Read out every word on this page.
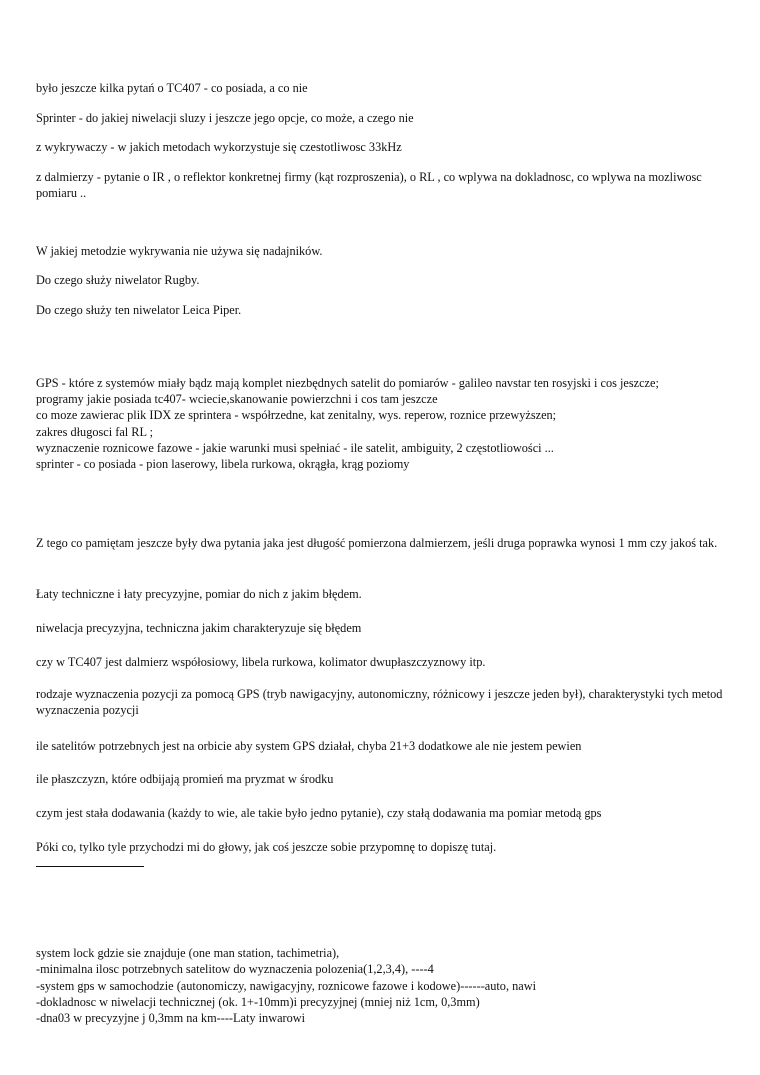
było jeszcze kilka pytań o TC407 - co posiada, a co nie
Sprinter - do jakiej niwelacji sluzy i jeszcze jego opcje, co może, a czego nie
z wykrywaczy - w jakich metodach wykorzystuje się czestotliwosc 33kHz
z dalmierzy - pytanie o IR , o reflektor konkretnej firmy (kąt rozproszenia), o RL , co wplywa na dokladnosc, co wplywa na mozliwosc pomiaru ..
W jakiej metodzie wykrywania nie używa się nadajników.
Do czego służy niwelator Rugby.
Do czego służy ten niwelator Leica Piper.
GPS - które z systemów miały bądz mają komplet niezbędnych satelit do pomiarów - galileo navstar ten rosyjski i cos jeszcze;
programy jakie posiada tc407- wciecie,skanowanie powierzchni i cos tam jeszcze
co moze zawierac plik IDX ze sprintera - współrzedne, kat zenitalny, wys. reperow, roznice przewyższen;
zakres długosci fal RL ;
wyznaczenie roznicowe fazowe - jakie warunki musi spełniać - ile satelit, ambiguity, 2 częstotliowości ...
sprinter - co posiada - pion laserowy, libela rurkowa, okrągła, krąg poziomy
Z tego co pamiętam jeszcze były dwa pytania jaka jest długość pomierzona dalmierzem, jeśli druga poprawka wynosi 1 mm czy jakoś tak.
Łaty techniczne i łaty precyzyjne, pomiar do nich z jakim błędem.
niwelacja precyzyjna, techniczna jakim charakteryzuje się błędem
czy w TC407 jest dalmierz współosiowy, libela rurkowa, kolimator dwupłaszczyznowy itp.
rodzaje wyznaczenia pozycji za pomocą GPS (tryb nawigacyjny, autonomiczny, różnicowy i jeszcze jeden był), charakterystyki tych metod wyznaczenia pozycji
ile satelitów potrzebnych jest na orbicie aby system GPS działał, chyba 21+3 dodatkowe ale nie jestem pewien
ile płaszczyzn, które odbijają promień ma pryzmat w środku
czym jest stała dodawania (każdy to wie, ale takie było jedno pytanie), czy stałą dodawania ma pomiar metodą gps
Póki co, tylko tyle przychodzi mi do głowy, jak coś jeszcze sobie przypomnę to dopiszę tutaj.
system lock gdzie sie znajduje (one man station, tachimetria),
-minimalna ilosc potrzebnych satelitow do wyznaczenia polozenia(1,2,3,4), ----4
-system gps w samochodzie (autonomiczy, nawigacyjny, roznicowe fazowe i kodowe)------auto, nawi
-dokladnosc w niwelacji technicznej (ok. 1+-10mm)i precyzyjnej (mniej niż 1cm, 0,3mm)
-dna03 w precyzyjne j 0,3mm na km----Laty inwarowi
